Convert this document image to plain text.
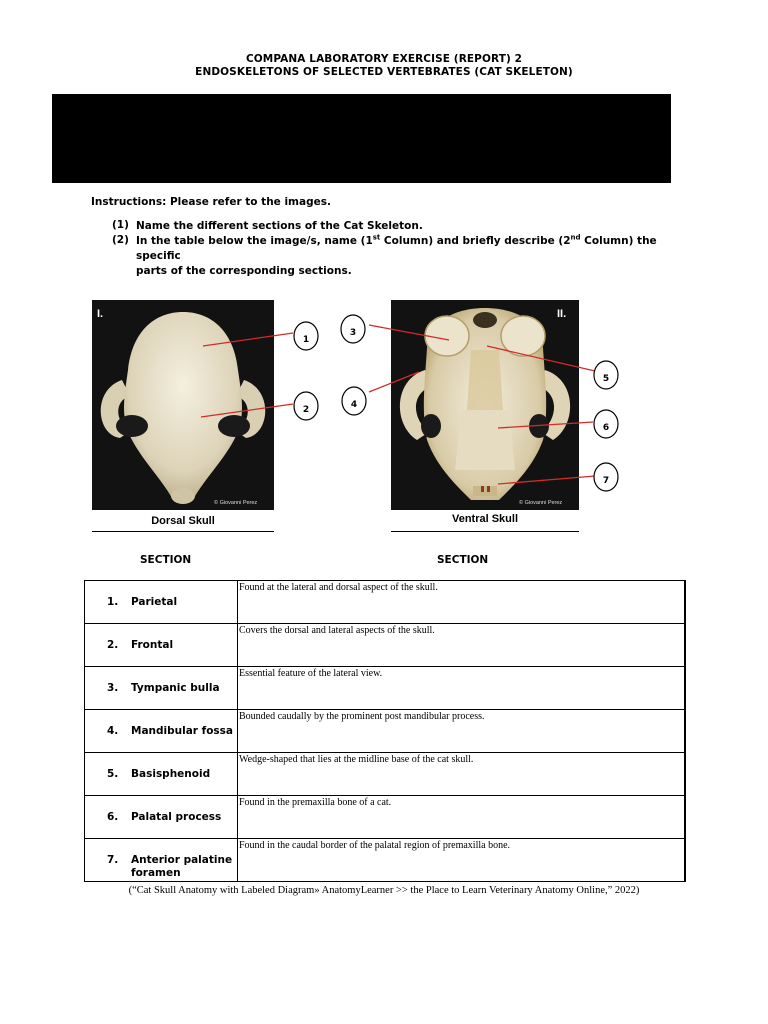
COMPANA LABORATORY EXERCISE (REPORT) 2
ENDOSKELETONS OF SELECTED VERTEBRATES (CAT SKELETON)
Instructions: Please refer to the images.
(1) Name the different sections of the Cat Skeleton.
(2) In the table below the image/s, name (1st Column) and briefly describe (2nd Column) the specific
parts of the corresponding sections.
I.
© Giovanni Perez
II.
© Giovanni Perez
1
2
3
4
5
6
7
Dorsal Skull	Ventral Skull
SECTION	SECTION
1. Parietal	Found at the lateral and dorsal aspect of the skull.

2. Frontal	Covers the dorsal and lateral aspects of the skull.

3. Tympanic bulla	Essential feature of the lateral view.

4. Mandibular fossa	Bounded caudally by the prominent post mandibular process.

5. Basisphenoid	Wedge-shaped that lies at the midline base of the cat skull.

6. Palatal process	Found in the premaxilla bone of a cat.

7. Anterior palatine
foramen	Found in the caudal border of the palatal region of premaxilla bone.
(“Cat Skull Anatomy with Labeled Diagram» AnatomyLearner >> the Place to Learn Veterinary Anatomy Online,” 2022)
